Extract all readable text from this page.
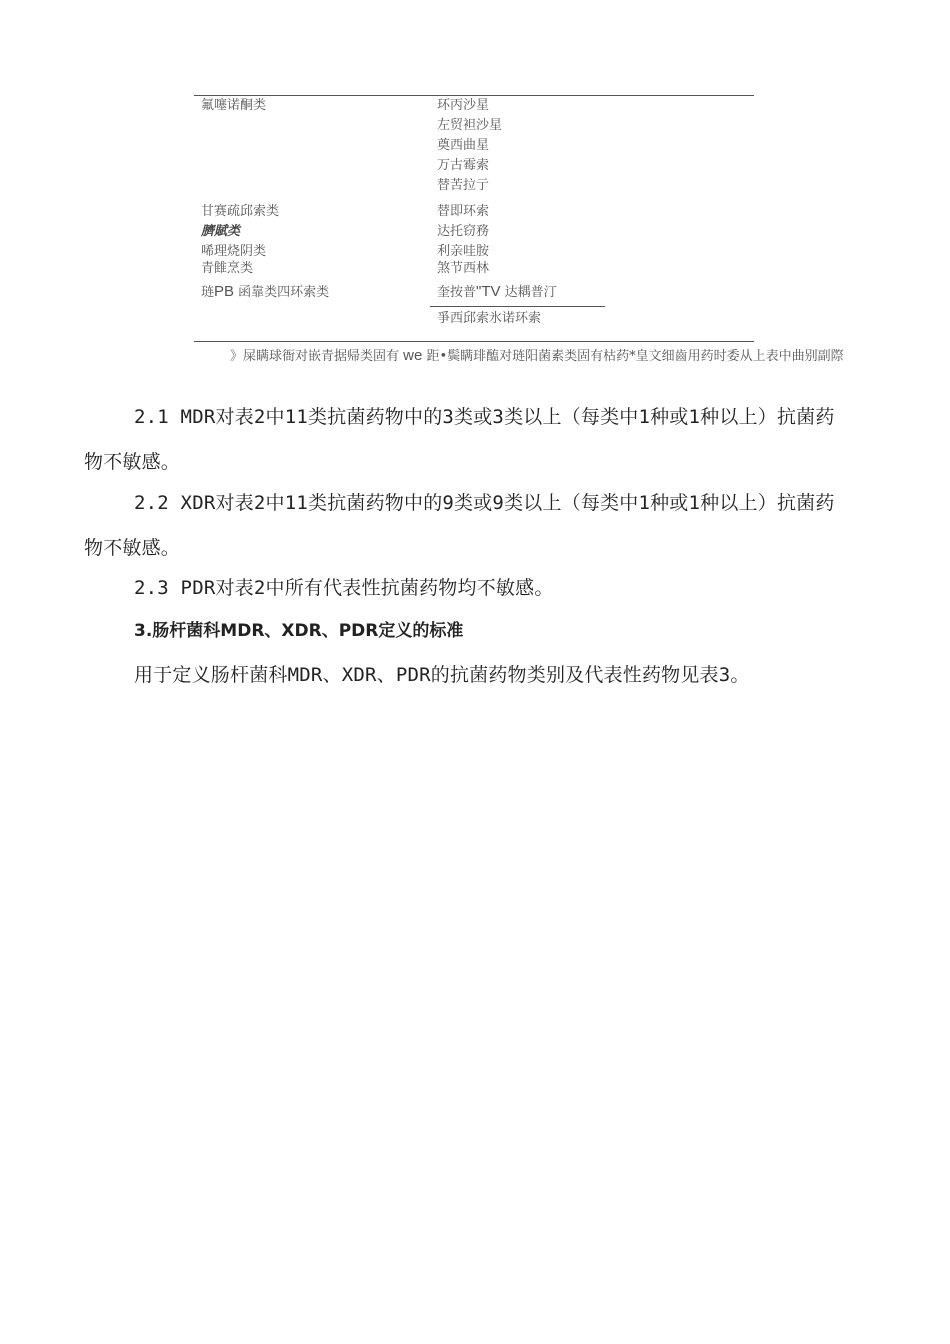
氟噻诺酮类	环丙沙星
左贸袒沙星
奠西曲星
万古霉索
替苦拉亍
甘赛疏邱索类	替即环索
臍賦类	达托窃務
唏理烧阴类	利亲哇胺
青雔烹类	煞节西林
琏PB 函靠类四环索类	奎按普"TV 达耦普汀
爭西邱索氷诺环索
》屎瞒球衙对嵌青据帰类固有 we 距•鬓瞒琲醢对琏阳菌素类固有枯药*皇文细齒用药时委从上表中曲别副際
2.1 MDR对表2中11类抗菌药物中的3类或3类以上（每类中1种或1种以上）抗菌药物不敏感。
2.2 XDR对表2中11类抗菌药物中的9类或9类以上（每类中1种或1种以上）抗菌药物不敏感。
2.3 PDR对表2中所有代表性抗菌药物均不敏感。
3.肠杆菌科MDR、XDR、PDR定义的标准
用于定义肠杆菌科MDR、XDR、PDR的抗菌药物类别及代表性药物见表3。
